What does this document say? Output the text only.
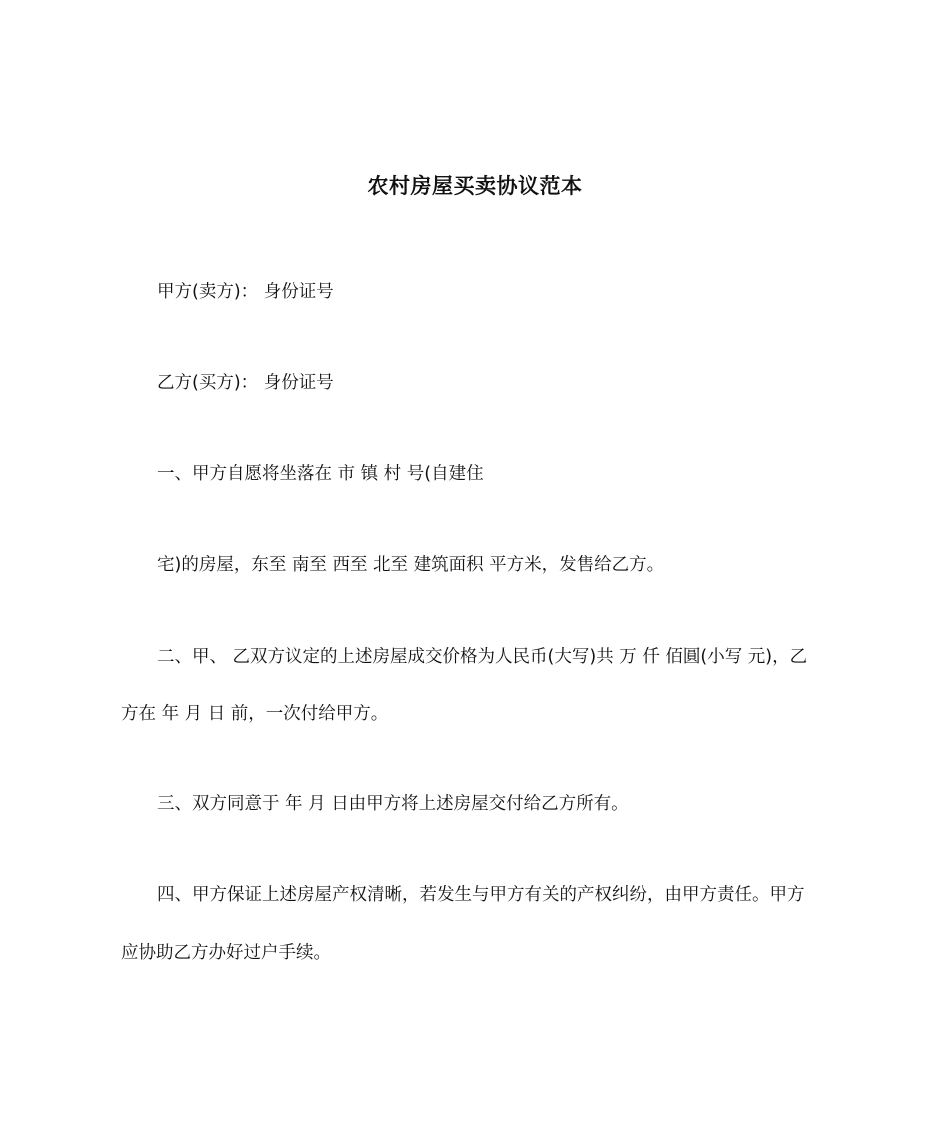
农村房屋买卖协议范本
甲方(卖方)： 身份证号
乙方(买方)： 身份证号
一、甲方自愿将坐落在 市 镇 村 号(自建住
宅)的房屋，东至 南至 西至 北至 建筑面积 平方米，发售给乙方。
二、甲、 乙双方议定的上述房屋成交价格为人民币(大写)共 万 仟 佰圓(小写 元)，乙
方在 年 月 日 前，一次付给甲方。
三、双方同意于 年 月 日由甲方将上述房屋交付给乙方所有。
四、甲方保证上述房屋产权清晰，若发生与甲方有关的产权纠纷，由甲方责任。甲方
应协助乙方办好过户手续。
